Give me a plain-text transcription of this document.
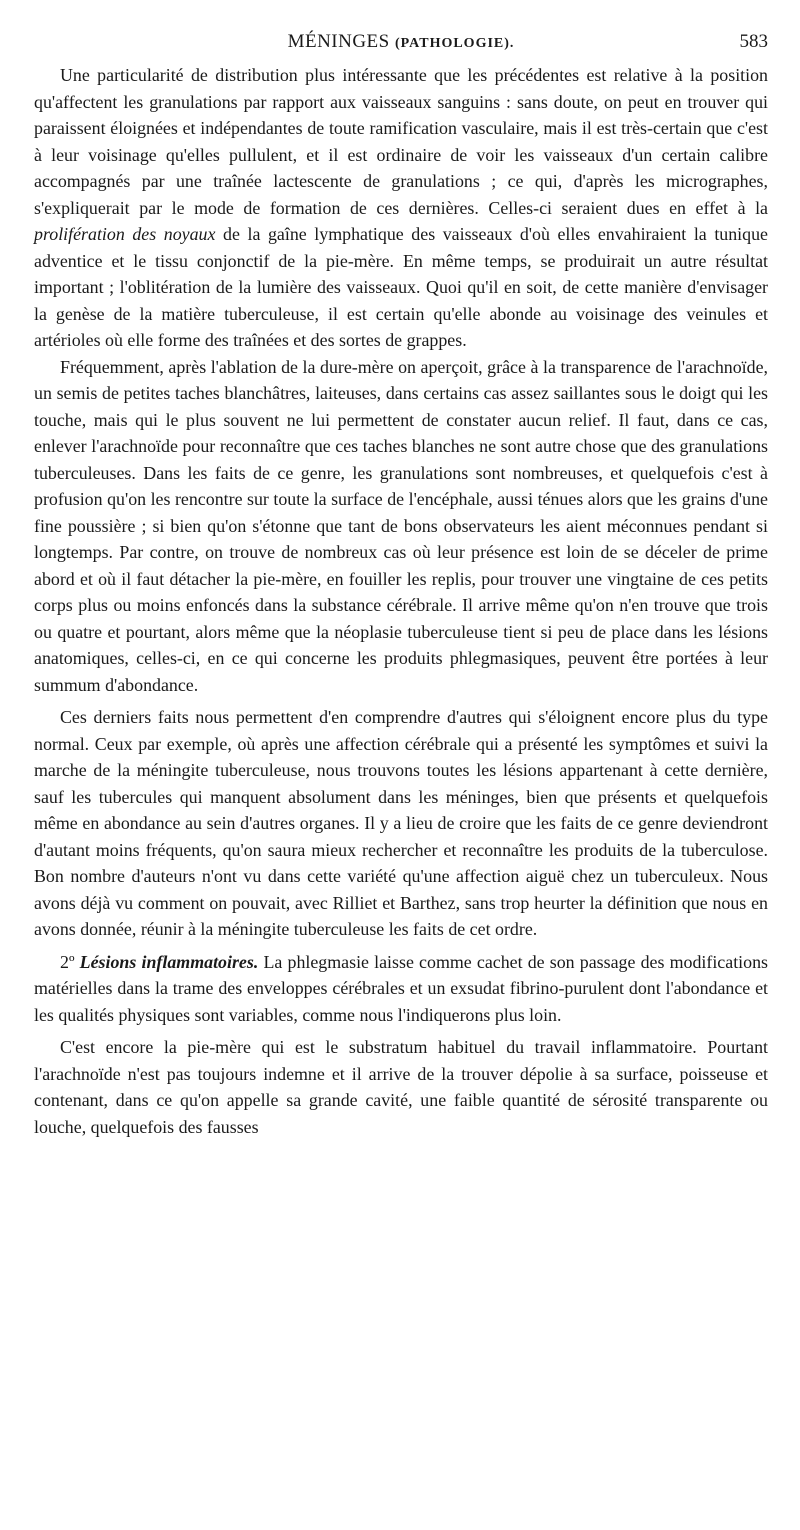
MÉNINGES (PATHOLOGIE).	583

Une particularité de distribution plus intéressante que les précédentes est relative à la position qu'affectent les granulations par rapport aux vaisseaux sanguins : sans doute, on peut en trouver qui paraissent éloignées et indépendantes de toute ramification vasculaire, mais il est très-certain que c'est à leur voisinage qu'elles pullulent, et il est ordinaire de voir les vaisseaux d'un certain calibre accompagnés par une traînée lactescente de granulations ; ce qui, d'après les micrographes, s'expliquerait par le mode de formation de ces dernières. Celles-ci seraient dues en effet à la prolifération des noyaux de la gaîne lymphatique des vaisseaux d'où elles envahiraient la tunique adventice et le tissu conjonctif de la pie-mère. En même temps, se produirait un autre résultat important ; l'oblitération de la lumière des vaisseaux. Quoi qu'il en soit, de cette manière d'envisager la genèse de la matière tuberculeuse, il est certain qu'elle abonde au voisinage des veinules et artérioles où elle forme des traînées et des sortes de grappes.

Fréquemment, après l'ablation de la dure-mère on aperçoit, grâce à la transparence de l'arachnoïde, un semis de petites taches blanchâtres, laiteuses, dans certains cas assez saillantes sous le doigt qui les touche, mais qui le plus souvent ne lui permettent de constater aucun relief. Il faut, dans ce cas, enlever l'arachnoïde pour reconnaître que ces taches blanches ne sont autre chose que des granulations tuberculeuses. Dans les faits de ce genre, les granulations sont nombreuses, et quelquefois c'est à profusion qu'on les rencontre sur toute la surface de l'encéphale, aussi ténues alors que les grains d'une fine poussière ; si bien qu'on s'étonne que tant de bons observateurs les aient méconnues pendant si longtemps. Par contre, on trouve de nombreux cas où leur présence est loin de se déceler de prime abord et où il faut détacher la pie-mère, en fouiller les replis, pour trouver une vingtaine de ces petits corps plus ou moins enfoncés dans la substance cérébrale. Il arrive même qu'on n'en trouve que trois ou quatre et pourtant, alors même que la néoplasie tuberculeuse tient si peu de place dans les lésions anatomiques, celles-ci, en ce qui concerne les produits phlegmasiques, peuvent être portées à leur summum d'abondance.

Ces derniers faits nous permettent d'en comprendre d'autres qui s'éloignent encore plus du type normal. Ceux par exemple, où après une affection cérébrale qui a présenté les symptômes et suivi la marche de la méningite tuberculeuse, nous trouvons toutes les lésions appartenant à cette dernière, sauf les tubercules qui manquent absolument dans les méninges, bien que présents et quelquefois même en abondance au sein d'autres organes. Il y a lieu de croire que les faits de ce genre deviendront d'autant moins fréquents, qu'on saura mieux rechercher et reconnaître les produits de la tuberculose. Bon nombre d'auteurs n'ont vu dans cette variété qu'une affection aiguë chez un tuberculeux. Nous avons déjà vu comment on pouvait, avec Rilliet et Barthez, sans trop heurter la définition que nous en avons donnée, réunir à la méningite tuberculeuse les faits de cet ordre.

2º Lésions inflammatoires. La phlegmasie laisse comme cachet de son passage des modifications matérielles dans la trame des enveloppes cérébrales et un exsudat fibrino-purulent dont l'abondance et les qualités physiques sont variables, comme nous l'indiquerons plus loin.

C'est encore la pie-mère qui est le substratum habituel du travail inflammatoire. Pourtant l'arachnoïde n'est pas toujours indemne et il arrive de la trouver dépolie à sa surface, poisseuse et contenant, dans ce qu'on appelle sa grande cavité, une faible quantité de sérosité transparente ou louche, quelquefois des fausses
